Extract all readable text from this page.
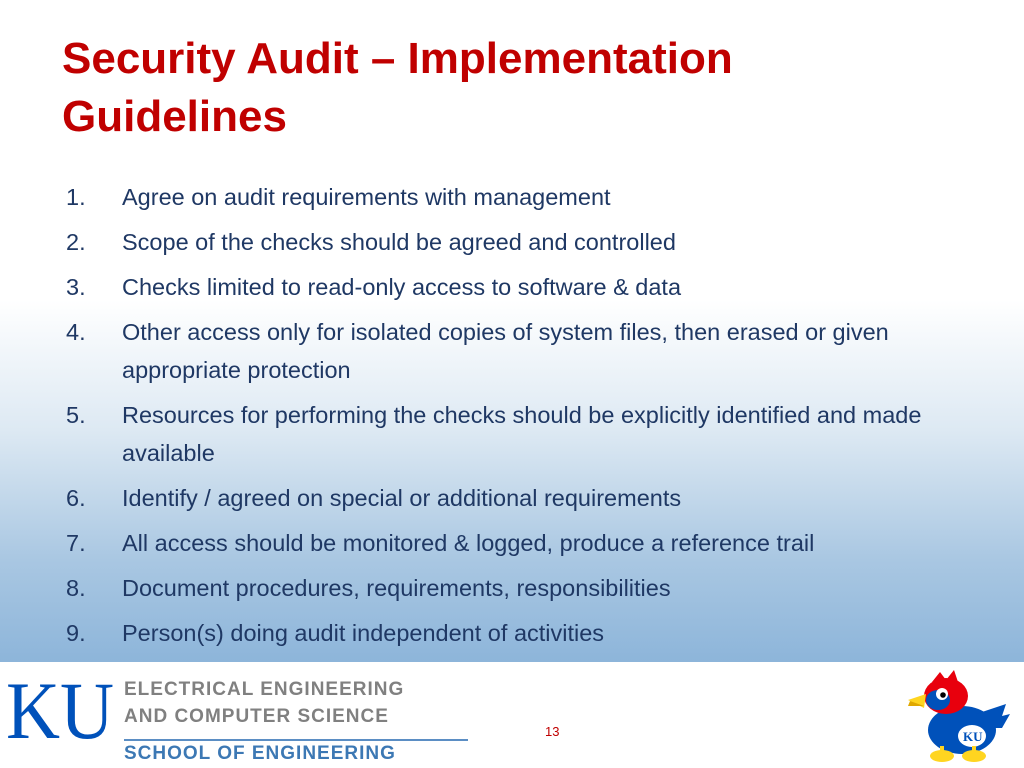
Security Audit – Implementation Guidelines
1.	Agree on audit requirements with management
2.	Scope of the checks should be agreed and controlled
3.	Checks limited to read-only access to software & data
4.	Other access only for isolated copies of system files, then erased or given appropriate protection
5.	Resources for performing the checks should be explicitly identified and made available
6.	Identify / agreed on special or additional requirements
7.	All access should be monitored & logged, produce a reference trail
8.	Document procedures, requirements, responsibilities
9.	Person(s) doing audit independent of activities
KU ELECTRICAL ENGINEERING
AND COMPUTER SCIENCE
SCHOOL OF ENGINEERING
13	KU
